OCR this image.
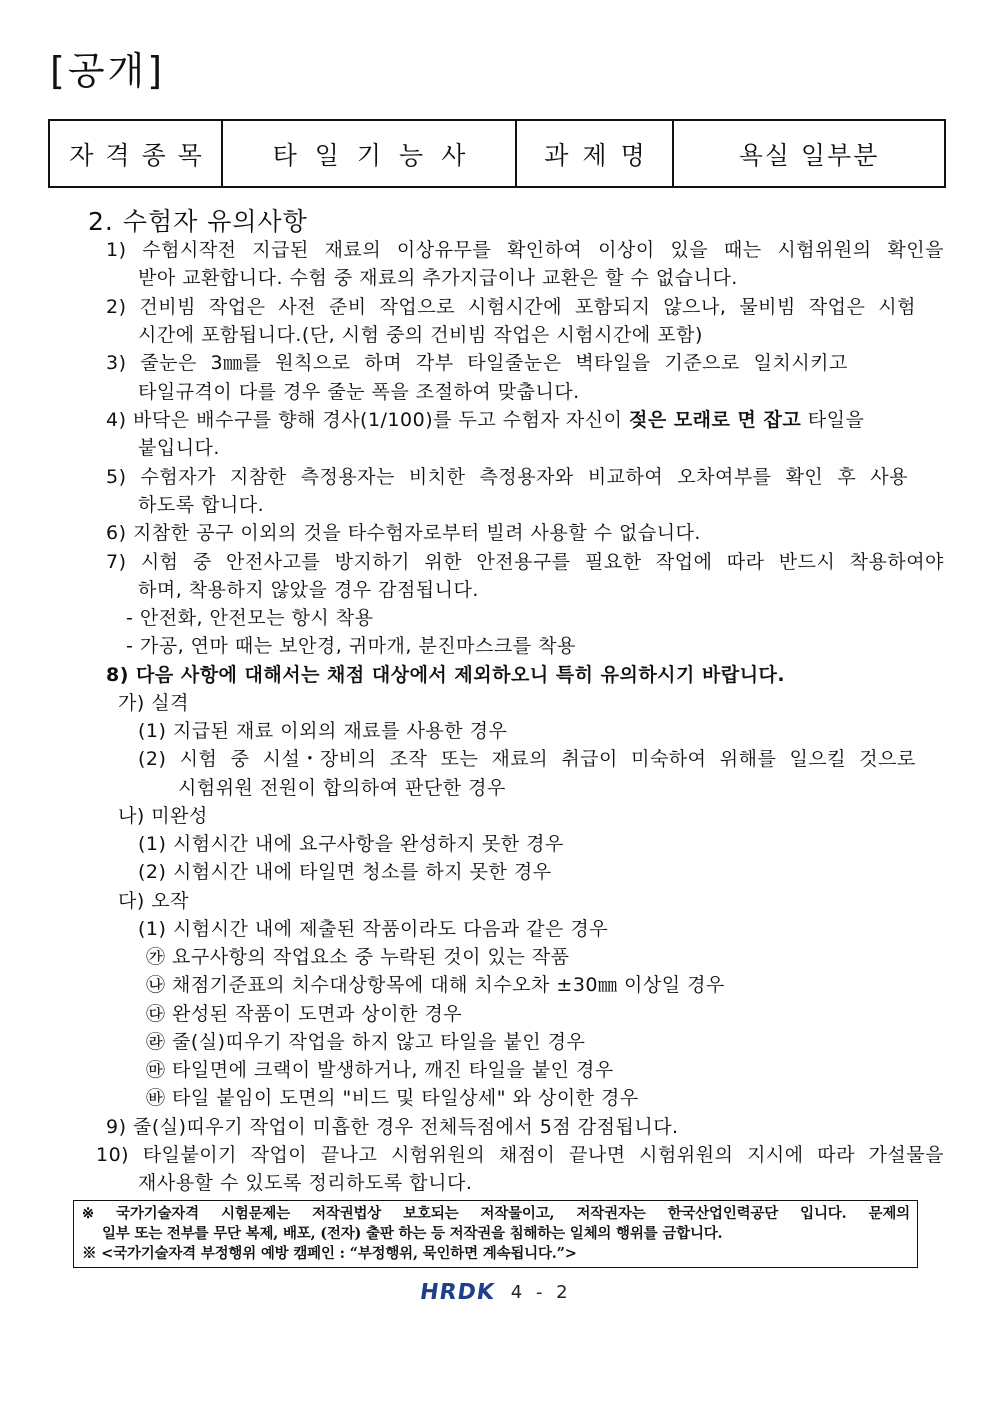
[공개]
자격종목	타일기능사	과제명	욕실 일부분
2. 수험자 유의사항
1) 수험시작전 지급된 재료의 이상유무를 확인하여 이상이 있을 때는 시험위원의 확인을
받아 교환합니다. 수험 중 재료의 추가지급이나 교환은 할 수 없습니다.
2) 건비빔 작업은 사전 준비 작업으로 시험시간에 포함되지 않으나, 물비빔 작업은 시험
시간에 포함됩니다.(단, 시험 중의 건비빔 작업은 시험시간에 포함)
3) 줄눈은 3㎜를 원칙으로 하며 각부 타일줄눈은 벽타일을 기준으로 일치시키고
타일규격이 다를 경우 줄눈 폭을 조절하여 맞춥니다.
4) 바닥은 배수구를 향해 경사(1/100)를 두고 수험자 자신이 젖은 모래로 면 잡고 타일을
붙입니다.
5) 수험자가 지참한 측정용자는 비치한 측정용자와 비교하여 오차여부를 확인 후 사용
하도록 합니다.
6) 지참한 공구 이외의 것을 타수험자로부터 빌려 사용할 수 없습니다.
7) 시험 중 안전사고를 방지하기 위한 안전용구를 필요한 작업에 따라 반드시 착용하여야
하며, 착용하지 않았을 경우 감점됩니다.
- 안전화, 안전모는 항시 착용
- 가공, 연마 때는 보안경, 귀마개, 분진마스크를 착용
8) 다음 사항에 대해서는 채점 대상에서 제외하오니 특히 유의하시기 바랍니다.
가) 실격
(1) 지급된 재료 이외의 재료를 사용한 경우
(2) 시험 중 시설・장비의 조작 또는 재료의 취급이 미숙하여 위해를 일으킬 것으로
시험위원 전원이 합의하여 판단한 경우
나) 미완성
(1) 시험시간 내에 요구사항을 완성하지 못한 경우
(2) 시험시간 내에 타일면 청소를 하지 못한 경우
다) 오작
(1) 시험시간 내에 제출된 작품이라도 다음과 같은 경우
㉮ 요구사항의 작업요소 중 누락된 것이 있는 작품
㉯ 채점기준표의 치수대상항목에 대해 치수오차 ±30㎜ 이상일 경우
㉰ 완성된 작품이 도면과 상이한 경우
㉱ 줄(실)띠우기 작업을 하지 않고 타일을 붙인 경우
㉲ 타일면에 크랙이 발생하거나, 깨진 타일을 붙인 경우
㉳ 타일 붙임이 도면의 "비드 및 타일상세" 와 상이한 경우
9) 줄(실)띠우기 작업이 미흡한 경우 전체득점에서 5점 감점됩니다.
10) 타일붙이기 작업이 끝나고 시험위원의 채점이 끝나면 시험위원의 지시에 따라 가설물을
재사용할 수 있도록 정리하도록 합니다.
※ 국가기술자격 시험문제는 저작권법상 보호되는 저작물이고, 저작권자는 한국산업인력공단 입니다. 문제의
일부 또는 전부를 무단 복제, 배포, (전자) 출판 하는 등 저작권을 침해하는 일체의 행위를 금합니다.
※ <국가기술자격 부정행위 예방 캠페인 : “부정행위, 묵인하면 계속됩니다.”>
HRDK 4 - 2
